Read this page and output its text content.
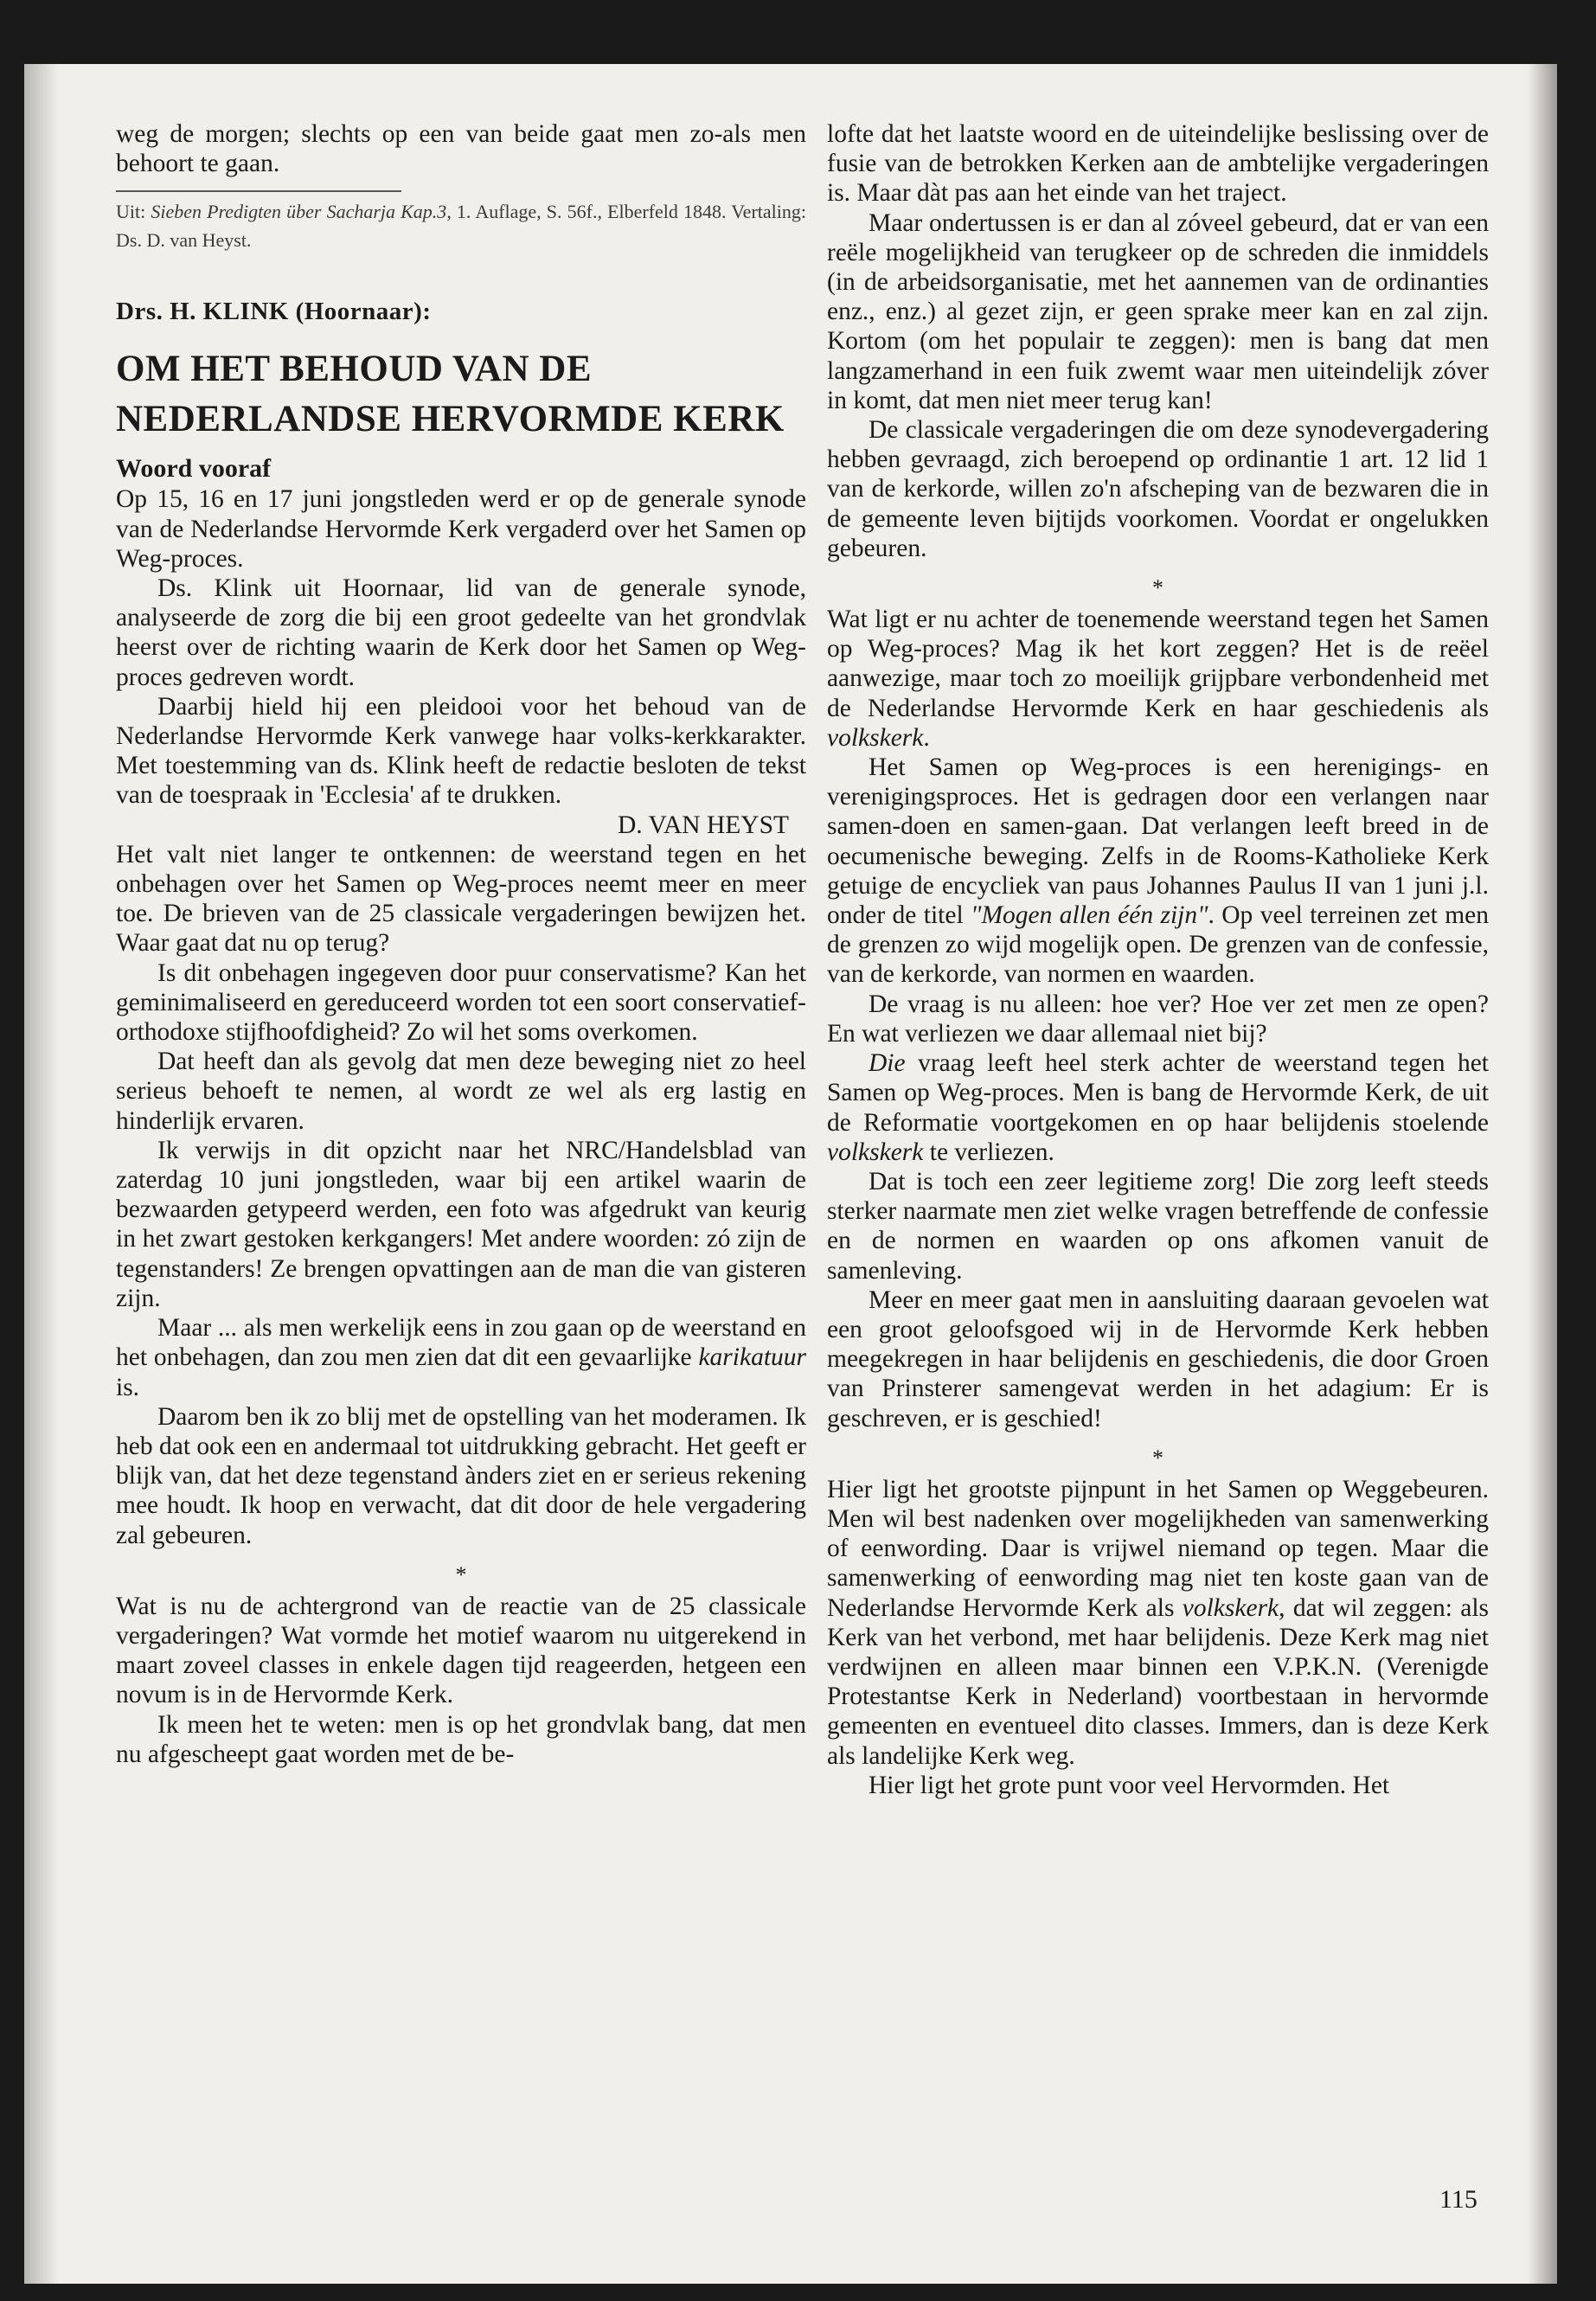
weg de morgen; slechts op een van beide gaat men zo-als men behoort te gaan.

Uit: Sieben Predigten über Sacharja Kap.3, 1. Auflage, S. 56f., Elberfeld 1848. Vertaling: Ds. D. van Heyst.
Drs. H. KLINK (Hoornaar):
OM HET BEHOUD VAN DE
NEDERLANDSE HERVORMDE KERK
Woord vooraf

Op 15, 16 en 17 juni jongstleden werd er op de generale synode van de Nederlandse Hervormde Kerk vergaderd over het Samen op Weg-proces.

Ds. Klink uit Hoornaar, lid van de generale synode, analyseerde de zorg die bij een groot gedeelte van het grondvlak heerst over de richting waarin de Kerk door het Samen op Weg-proces gedreven wordt.

Daarbij hield hij een pleidooi voor het behoud van de Nederlandse Hervormde Kerk vanwege haar volks-kerkkarakter. Met toestemming van ds. Klink heeft de redactie besloten de tekst van de toespraak in 'Ecclesia' af te drukken.

D. VAN HEYST

Het valt niet langer te ontkennen: de weerstand tegen en het onbehagen over het Samen op Weg-proces neemt meer en meer toe. De brieven van de 25 classicale vergaderingen bewijzen het. Waar gaat dat nu op terug?

Is dit onbehagen ingegeven door puur conservatisme? Kan het geminimaliseerd en gereduceerd worden tot een soort conservatief-orthodoxe stijfhoofdigheid? Zo wil het soms overkomen.

Dat heeft dan als gevolg dat men deze beweging niet zo heel serieus behoeft te nemen, al wordt ze wel als erg lastig en hinderlijk ervaren.

Ik verwijs in dit opzicht naar het NRC/Handelsblad van zaterdag 10 juni jongstleden, waar bij een artikel waarin de bezwaarden getypeerd werden, een foto was afgedrukt van keurig in het zwart gestoken kerkgangers! Met andere woorden: zó zijn de tegenstanders! Ze brengen opvattingen aan de man die van gisteren zijn.

Maar ... als men werkelijk eens in zou gaan op de weerstand en het onbehagen, dan zou men zien dat dit een gevaarlijke karikatuur is.

Daarom ben ik zo blij met de opstelling van het moderamen. Ik heb dat ook een en andermaal tot uitdrukking gebracht. Het geeft er blijk van, dat het deze tegenstand ànders ziet en er serieus rekening mee houdt. Ik hoop en verwacht, dat dit door de hele vergadering zal gebeuren.

*

Wat is nu de achtergrond van de reactie van de 25 classicale vergaderingen? Wat vormde het motief waarom nu uitgerekend in maart zoveel classes in enkele dagen tijd reageerden, hetgeen een novum is in de Hervormde Kerk.

Ik meen het te weten: men is op het grondvlak bang, dat men nu afgescheept gaat worden met de be-

lofte dat het laatste woord en de uiteindelijke beslissing over de fusie van de betrokken Kerken aan de ambtelijke vergaderingen is. Maar dàt pas aan het einde van het traject.

Maar ondertussen is er dan al zóveel gebeurd, dat er van een reële mogelijkheid van terugkeer op de schreden die inmiddels (in de arbeidsorganisatie, met het aannemen van de ordinanties enz., enz.) al gezet zijn, er geen sprake meer kan en zal zijn. Kortom (om het populair te zeggen): men is bang dat men langzamerhand in een fuik zwemt waar men uiteindelijk zóver in komt, dat men niet meer terug kan!

De classicale vergaderingen die om deze synodevergadering hebben gevraagd, zich beroepend op ordinantie 1 art. 12 lid 1 van de kerkorde, willen zo'n afscheping van de bezwaren die in de gemeente leven bijtijds voorkomen. Voordat er ongelukken gebeuren.

*

Wat ligt er nu achter de toenemende weerstand tegen het Samen op Weg-proces? Mag ik het kort zeggen? Het is de reëel aanwezige, maar toch zo moeilijk grijpbare verbondenheid met de Nederlandse Hervormde Kerk en haar geschiedenis als volkskerk.

Het Samen op Weg-proces is een herenigings- en verenigingsproces. Het is gedragen door een verlangen naar samen-doen en samen-gaan. Dat verlangen leeft breed in de oecumenische beweging. Zelfs in de Rooms-Katholieke Kerk getuige de encycliek van paus Johannes Paulus II van 1 juni j.l. onder de titel "Mogen allen één zijn". Op veel terreinen zet men de grenzen zo wijd mogelijk open. De grenzen van de confessie, van de kerkorde, van normen en waarden.

De vraag is nu alleen: hoe ver? Hoe ver zet men ze open? En wat verliezen we daar allemaal niet bij?

Die vraag leeft heel sterk achter de weerstand tegen het Samen op Weg-proces. Men is bang de Hervormde Kerk, de uit de Reformatie voortgekomen en op haar belijdenis stoelende volkskerk te verliezen.

Dat is toch een zeer legitieme zorg! Die zorg leeft steeds sterker naarmate men ziet welke vragen betreffende de confessie en de normen en waarden op ons afkomen vanuit de samenleving.

Meer en meer gaat men in aansluiting daaraan gevoelen wat een groot geloofsgoed wij in de Hervormde Kerk hebben meegekregen in haar belijdenis en geschiedenis, die door Groen van Prinsterer samengevat werden in het adagium: Er is geschreven, er is geschied!

*

Hier ligt het grootste pijnpunt in het Samen op Weggebeuren. Men wil best nadenken over mogelijkheden van samenwerking of eenwording. Daar is vrijwel niemand op tegen. Maar die samenwerking of eenwording mag niet ten koste gaan van de Nederlandse Hervormde Kerk als volkskerk, dat wil zeggen: als Kerk van het verbond, met haar belijdenis. Deze Kerk mag niet verdwijnen en alleen maar binnen een V.P.K.N. (Verenigde Protestantse Kerk in Nederland) voortbestaan in hervormde gemeenten en eventueel dito classes. Immers, dan is deze Kerk als landelijke Kerk weg.

Hier ligt het grote punt voor veel Hervormden. Het

115
